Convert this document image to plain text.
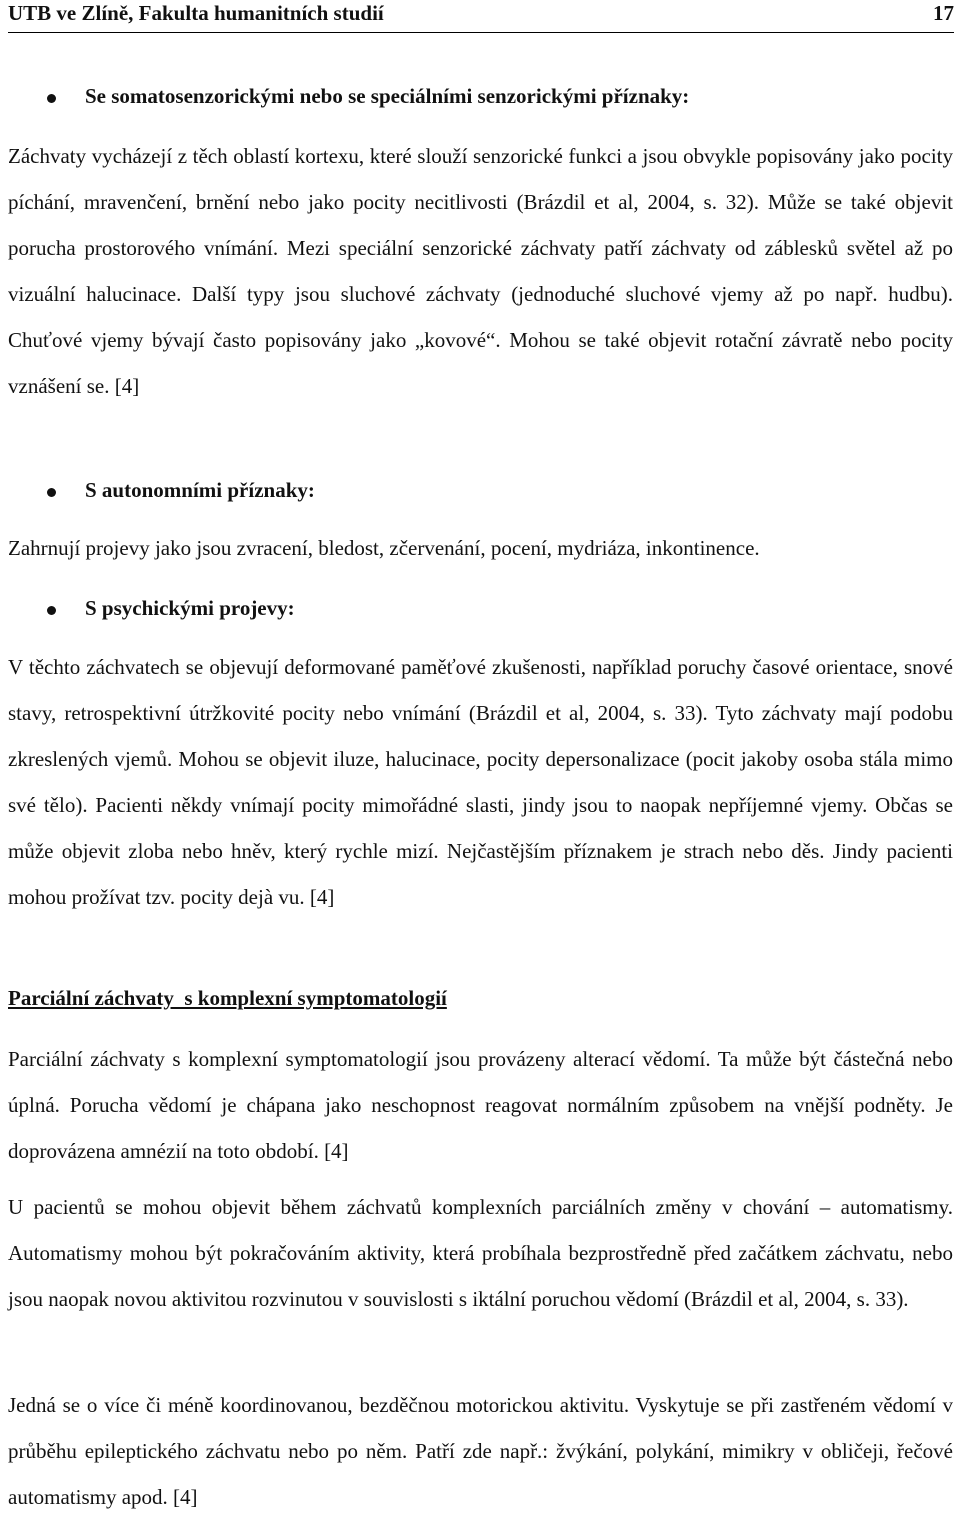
UTB ve Zlíně, Fakulta humanitních studií	17
Se somatosenzorickými nebo se speciálními senzorickými příznaky:

Záchvaty vycházejí z těch oblastí kortexu, které slouží senzorické funkci a jsou obvykle popisovány jako pocity píchání, mravenčení, brnění nebo jako pocity necitlivosti (Brázdil et al, 2004, s. 32). Může se také objevit porucha prostorového vnímání. Mezi speciální senzorické záchvaty patří záchvaty od záblesků světel až po vizuální halucinace. Další typy jsou sluchové záchvaty (jednoduché sluchové vjemy až po např. hudbu). Chuťové vjemy bývají často popisovány jako „kovové“. Mohou se také objevit rotační závratě nebo pocity vznášení se. [4]

S autonomními příznaky:

Zahrnují projevy jako jsou zvracení, bledost, zčervenání, pocení, mydriáza, inkontinence.

S psychickými projevy:

V těchto záchvatech se objevují deformované paměťové zkušenosti, například poruchy časové orientace, snové stavy, retrospektivní útržkovité pocity nebo vnímání (Brázdil et al, 2004, s. 33). Tyto záchvaty mají podobu zkreslených vjemů. Mohou se objevit iluze, halucinace, pocity depersonalizace (pocit jakoby osoba stála mimo své tělo). Pacienti někdy vnímají pocity mimořádné slasti, jindy jsou to naopak nepříjemné vjemy. Občas se může objevit zloba nebo hněv, který rychle mizí. Nejčastějším příznakem je strach nebo děs. Jindy pacienti mohou prožívat tzv. pocity dejà vu. [4]

Parciální záchvaty  s komplexní symptomatologií

Parciální záchvaty s komplexní symptomatologií jsou provázeny alterací vědomí. Ta může být částečná nebo úplná. Porucha vědomí je chápana jako neschopnost reagovat normálním způsobem na vnější podněty. Je doprovázena amnézií na toto období. [4]

U pacientů se mohou objevit během záchvatů komplexních parciálních změny v chování – automatismy. Automatismy mohou být pokračováním aktivity, která probíhala bezprostředně před začátkem záchvatu, nebo jsou naopak novou aktivitou rozvinutou v souvislosti s iktální poruchou vědomí (Brázdil et al, 2004, s. 33).

Jedná se o více či méně koordinovanou, bezděčnou motorickou aktivitu. Vyskytuje se při zastřeném vědomí v průběhu epileptického záchvatu nebo po něm. Patří zde např.: žvýkání, polykání, mimikry v obličeji, řečové automatismy apod. [4]
